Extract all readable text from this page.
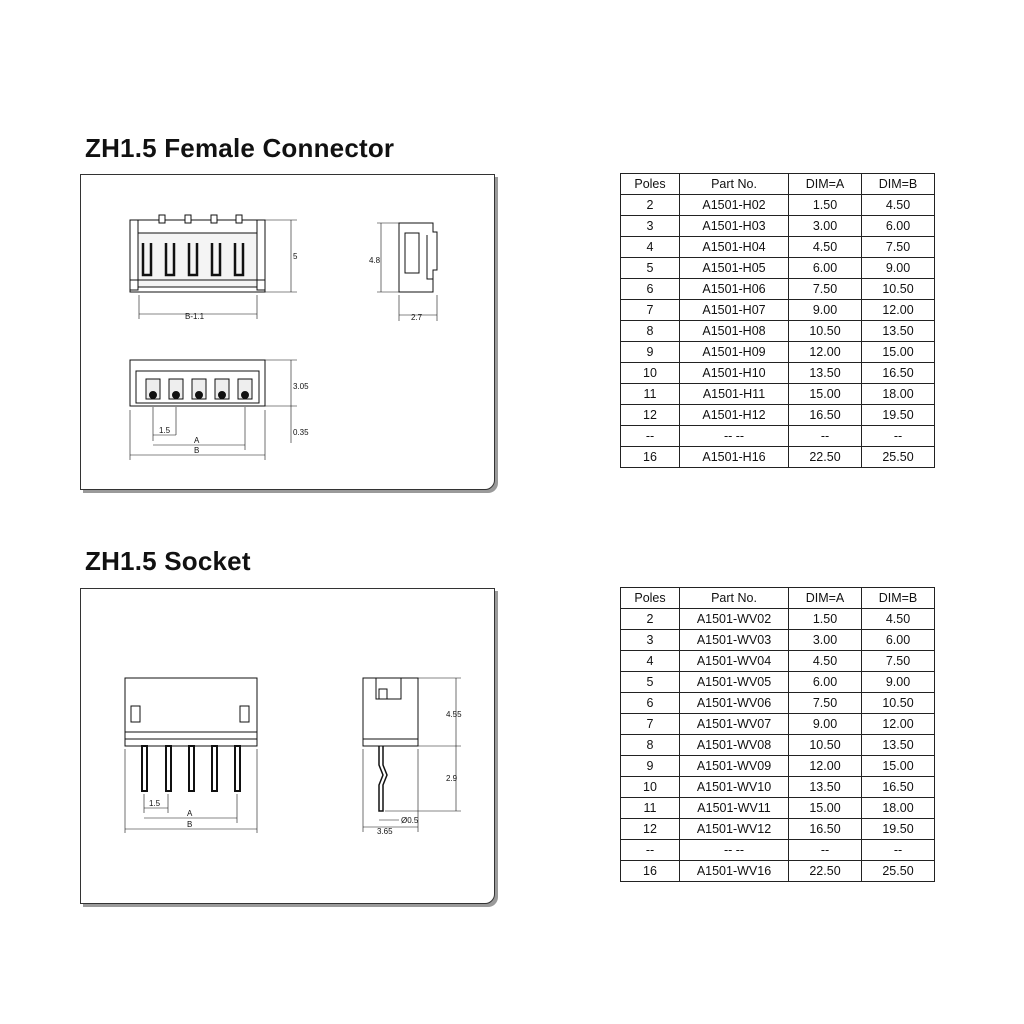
ZH1.5 Female Connector
B-1.1
5	4.8
2.7
3.05
0.35
1.5
A
B
Poles	Part No.	DIM=A	DIM=B
2	A1501-H02	1.50	4.50
3	A1501-H03	3.00	6.00
4	A1501-H04	4.50	7.50
5	A1501-H05	6.00	9.00
6	A1501-H06	7.50	10.50
7	A1501-H07	9.00	12.00
8	A1501-H08	10.50	13.50
9	A1501-H09	12.00	15.00
10	A1501-H10	13.50	16.50
11	A1501-H11	15.00	18.00
12	A1501-H12	16.50	19.50
--	-- --	--	--
16	A1501-H16	22.50	25.50
ZH1.5 Socket
1.5
A
B
4.55
2.9
Ø0.5
3.65
Poles	Part No.	DIM=A	DIM=B
2	A1501-WV02	1.50	4.50
3	A1501-WV03	3.00	6.00
4	A1501-WV04	4.50	7.50
5	A1501-WV05	6.00	9.00
6	A1501-WV06	7.50	10.50
7	A1501-WV07	9.00	12.00
8	A1501-WV08	10.50	13.50
9	A1501-WV09	12.00	15.00
10	A1501-WV10	13.50	16.50
11	A1501-WV11	15.00	18.00
12	A1501-WV12	16.50	19.50
--	-- --	--	--
16	A1501-WV16	22.50	25.50
